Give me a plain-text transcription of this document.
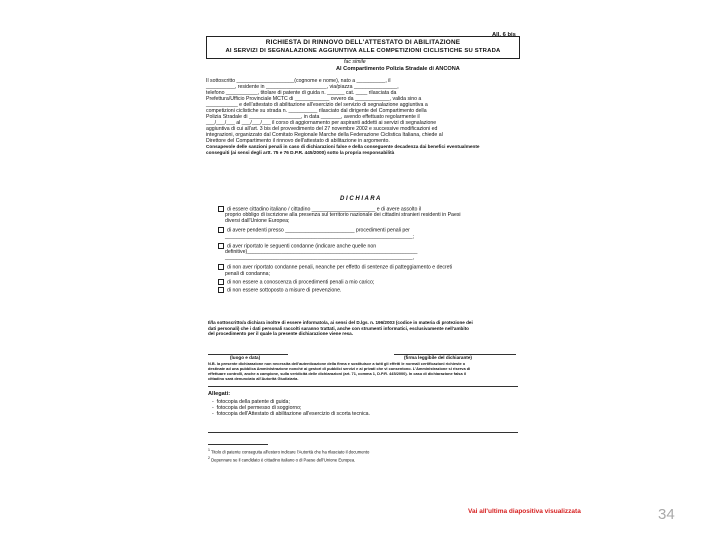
All. 6 bis
RICHIESTA DI RINNOVO DELL'ATTESTATO DI ABILITAZIONE
AI SERVIZI DI SEGNALAZIONE AGGIUNTIVA ALLE COMPETIZIONI CICLISTICHE SU STRADA
fac simile
Al Compartimento Polizia Stradale di ANCONA
Il sottoscritto ____________________(cognome e nome), nato a __________, il
__________, residente in _____________________, via/piazza _______________,
telefono ___________, titolare di patente di guida n. ______ cat. ____ rilasciata da
Prefettura/Ufficio Provinciale MCTC di ____________ ovvero da ____________, valida sino a
___________ e dell'attestato di abilitazione all'esercizio del servizio di segnalazione aggiuntiva a
competizioni ciclistiche su strada n. __________ rilasciato dal dirigente del Compartimento della
Polizia Stradale di __________________, in data _______, avendo effettuato regolarmente il
___/___/___ al ___/___/___ il corso di aggiornamento per aspiranti addetti ai servizi di segnalazione
aggiuntiva di cui all'art. 3 bis del provvedimento del 27 novembre 2002 e successive modificazioni ed
integrazioni, organizzato dal Comitato Regionale Marche della Federazione Ciclistica Italiana, chiede al
Direttore del Compartimento il rinnovo dell'attestato di abilitazione in argomento.
Consapevole delle sanzioni penali in caso di dichiarazioni false e della conseguente decadenza dai benefici eventualmente
conseguiti (ai sensi degli artt. 75 e 76 D.P.R. 445/2000) sotto la propria responsabilità
D I C H I A R A
di essere cittadino italiano / cittadino ______________________ e di avere assolto il
proprio obbligo di iscrizione alla presenza sul territorio nazionale dei cittadini stranieri residenti in Paesi
diversi dall'Unione Europea;
di avere pendenti presso ________________________ procedimenti penali per
_________________________________________________________________;
di aver riportato le seguenti condanne (indicare anche quelle non
definitive)___________________________________________________________
_________________________________________________________________,
di non aver riportato condanne penali, neanche per effetto di sentenze di patteggiamento e decreti
penali di condanna;
di non essere a conoscenza di procedimenti penali a mio carico;
di non essere sottoposto a misure di prevenzione.
Il/la sottoscritto/a dichiara inoltre di essere informato/a, ai sensi del D.lgs. n. 196/2003 (codice in materia di protezione dei
dati personali) che i dati personali raccolti saranno trattati, anche con strumenti informatici, esclusivamente nell'ambito
del procedimento per il quale la presente dichiarazione viene resa.
(luogo e data)	(firma leggibile del dichiarante)
N.B. la presente dichiarazione non necessita dell'autenticazione della firma e sostituisce a tutti gli effetti le normali certificazioni richieste o
destinate ad una pubblica Amministrazione nonché ai gestori di pubblici servizi e ai privati che vi consentono. L'Amministrazione si riserva di
effettuare controlli, anche a campione, sulla veridicità delle dichiarazioni (art. 71, comma 1, D.P.R. 445/2000). In caso di dichiarazione falsa il
cittadino sarà denunciato all'Autorità Giudiziaria.
Allegati:
-  fotocopia della patente di guida;
-  fotocopia del permesso di soggiorno;
-  fotocopia dell'Attestato di abilitazione all'esercizio di scorta tecnica.
$^1$ Titolo di patente conseguita all'estero indicare l'Autorità che ha rilasciato il documento
$^2$ Depennare se il candidato è cittadino italiano o di Paese dell'Unione Europea.
Vai all'ultima diapositiva visualizzata	34
